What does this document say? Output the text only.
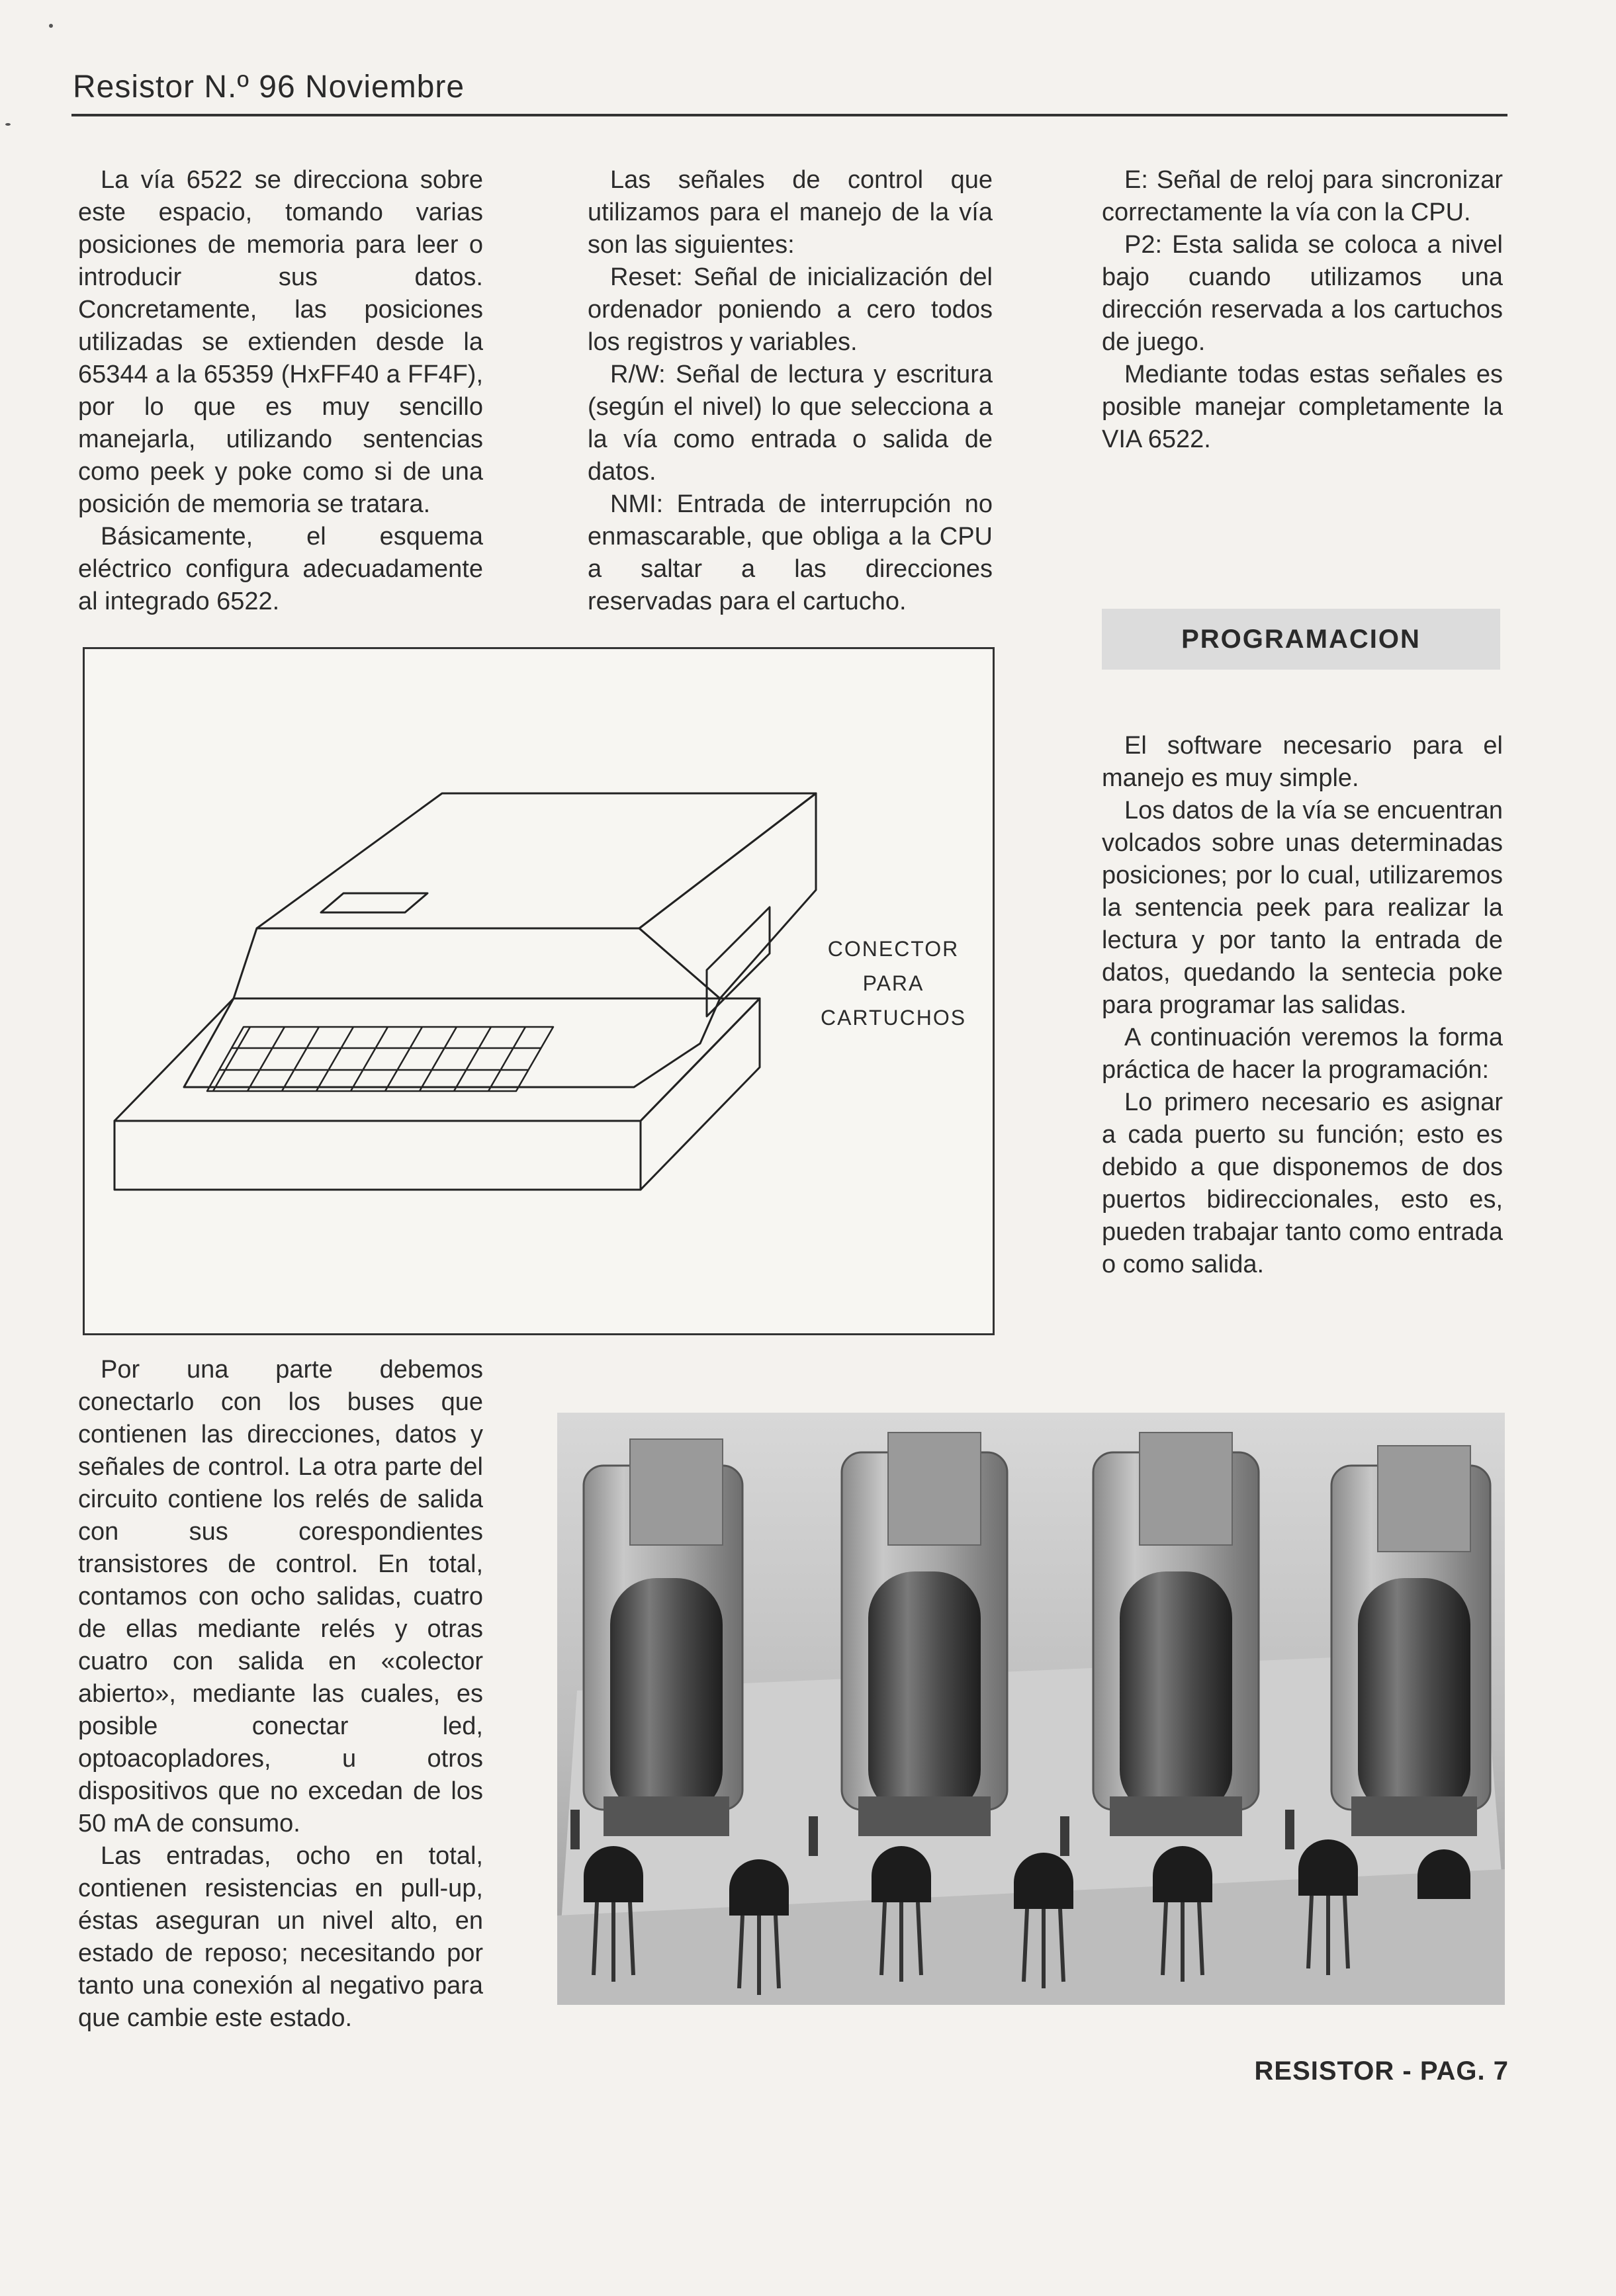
Resistor N.º 96 Noviembre

La vía 6522 se direcciona sobre este espacio, tomando varias posiciones de memoria para leer o introducir sus datos. Concretamente, las posiciones utilizadas se extienden desde la 65344 a la 65359 (HxFF40 a FF4F), por lo que es muy sencillo manejarla, utilizando sentencias como peek y poke como si de una posición de memoria se tratara.

Básicamente, el esquema eléctrico configura adecuadamente al integrado 6522.

Las señales de control que utilizamos para el manejo de la vía son las siguientes:

Reset: Señal de inicialización del ordenador poniendo a cero todos los registros y variables.

R/W: Señal de lectura y escritura (según el nivel) lo que selecciona a la vía como entrada o salida de datos.

NMI: Entrada de interrupción no enmascarable, que obliga a la CPU a saltar a las direcciones reservadas para el cartucho.

E: Señal de reloj para sincronizar correctamente la vía con la CPU.

P2: Esta salida se coloca a nivel bajo cuando utilizamos una dirección reservada a los cartuchos de juego.

Mediante todas estas señales es posible manejar completamente la VIA 6522.

PROGRAMACION

El software necesario para el manejo es muy simple.

Los datos de la vía se encuentran volcados sobre unas determinadas posiciones; por lo cual, utilizaremos la sentencia peek para realizar la lectura y por tanto la entrada de datos, quedando la sentecia poke para programar las salidas.

A continuación veremos la forma práctica de hacer la programación:

Lo primero necesario es asignar a cada puerto su función; esto es debido a que disponemos de dos puertos bidireccionales, esto es, pueden trabajar tanto como entrada o como salida.

CONECTOR
PARA
CARTUCHOS

Por una parte debemos conectarlo con los buses que contienen las direcciones, datos y señales de control. La otra parte del circuito contiene los relés de salida con sus corespondientes transistores de control. En total, contamos con ocho salidas, cuatro de ellas mediante relés y otras cuatro con salida en «colector abierto», mediante las cuales, es posible conectar led, optoacopladores, u otros dispositivos que no excedan de los 50 mA de consumo.

Las entradas, ocho en total, contienen resistencias en pull-up, éstas aseguran un nivel alto, en estado de reposo; necesitando por tanto una conexión al negativo para que cambie este estado.

RESISTOR - PAG. 7
